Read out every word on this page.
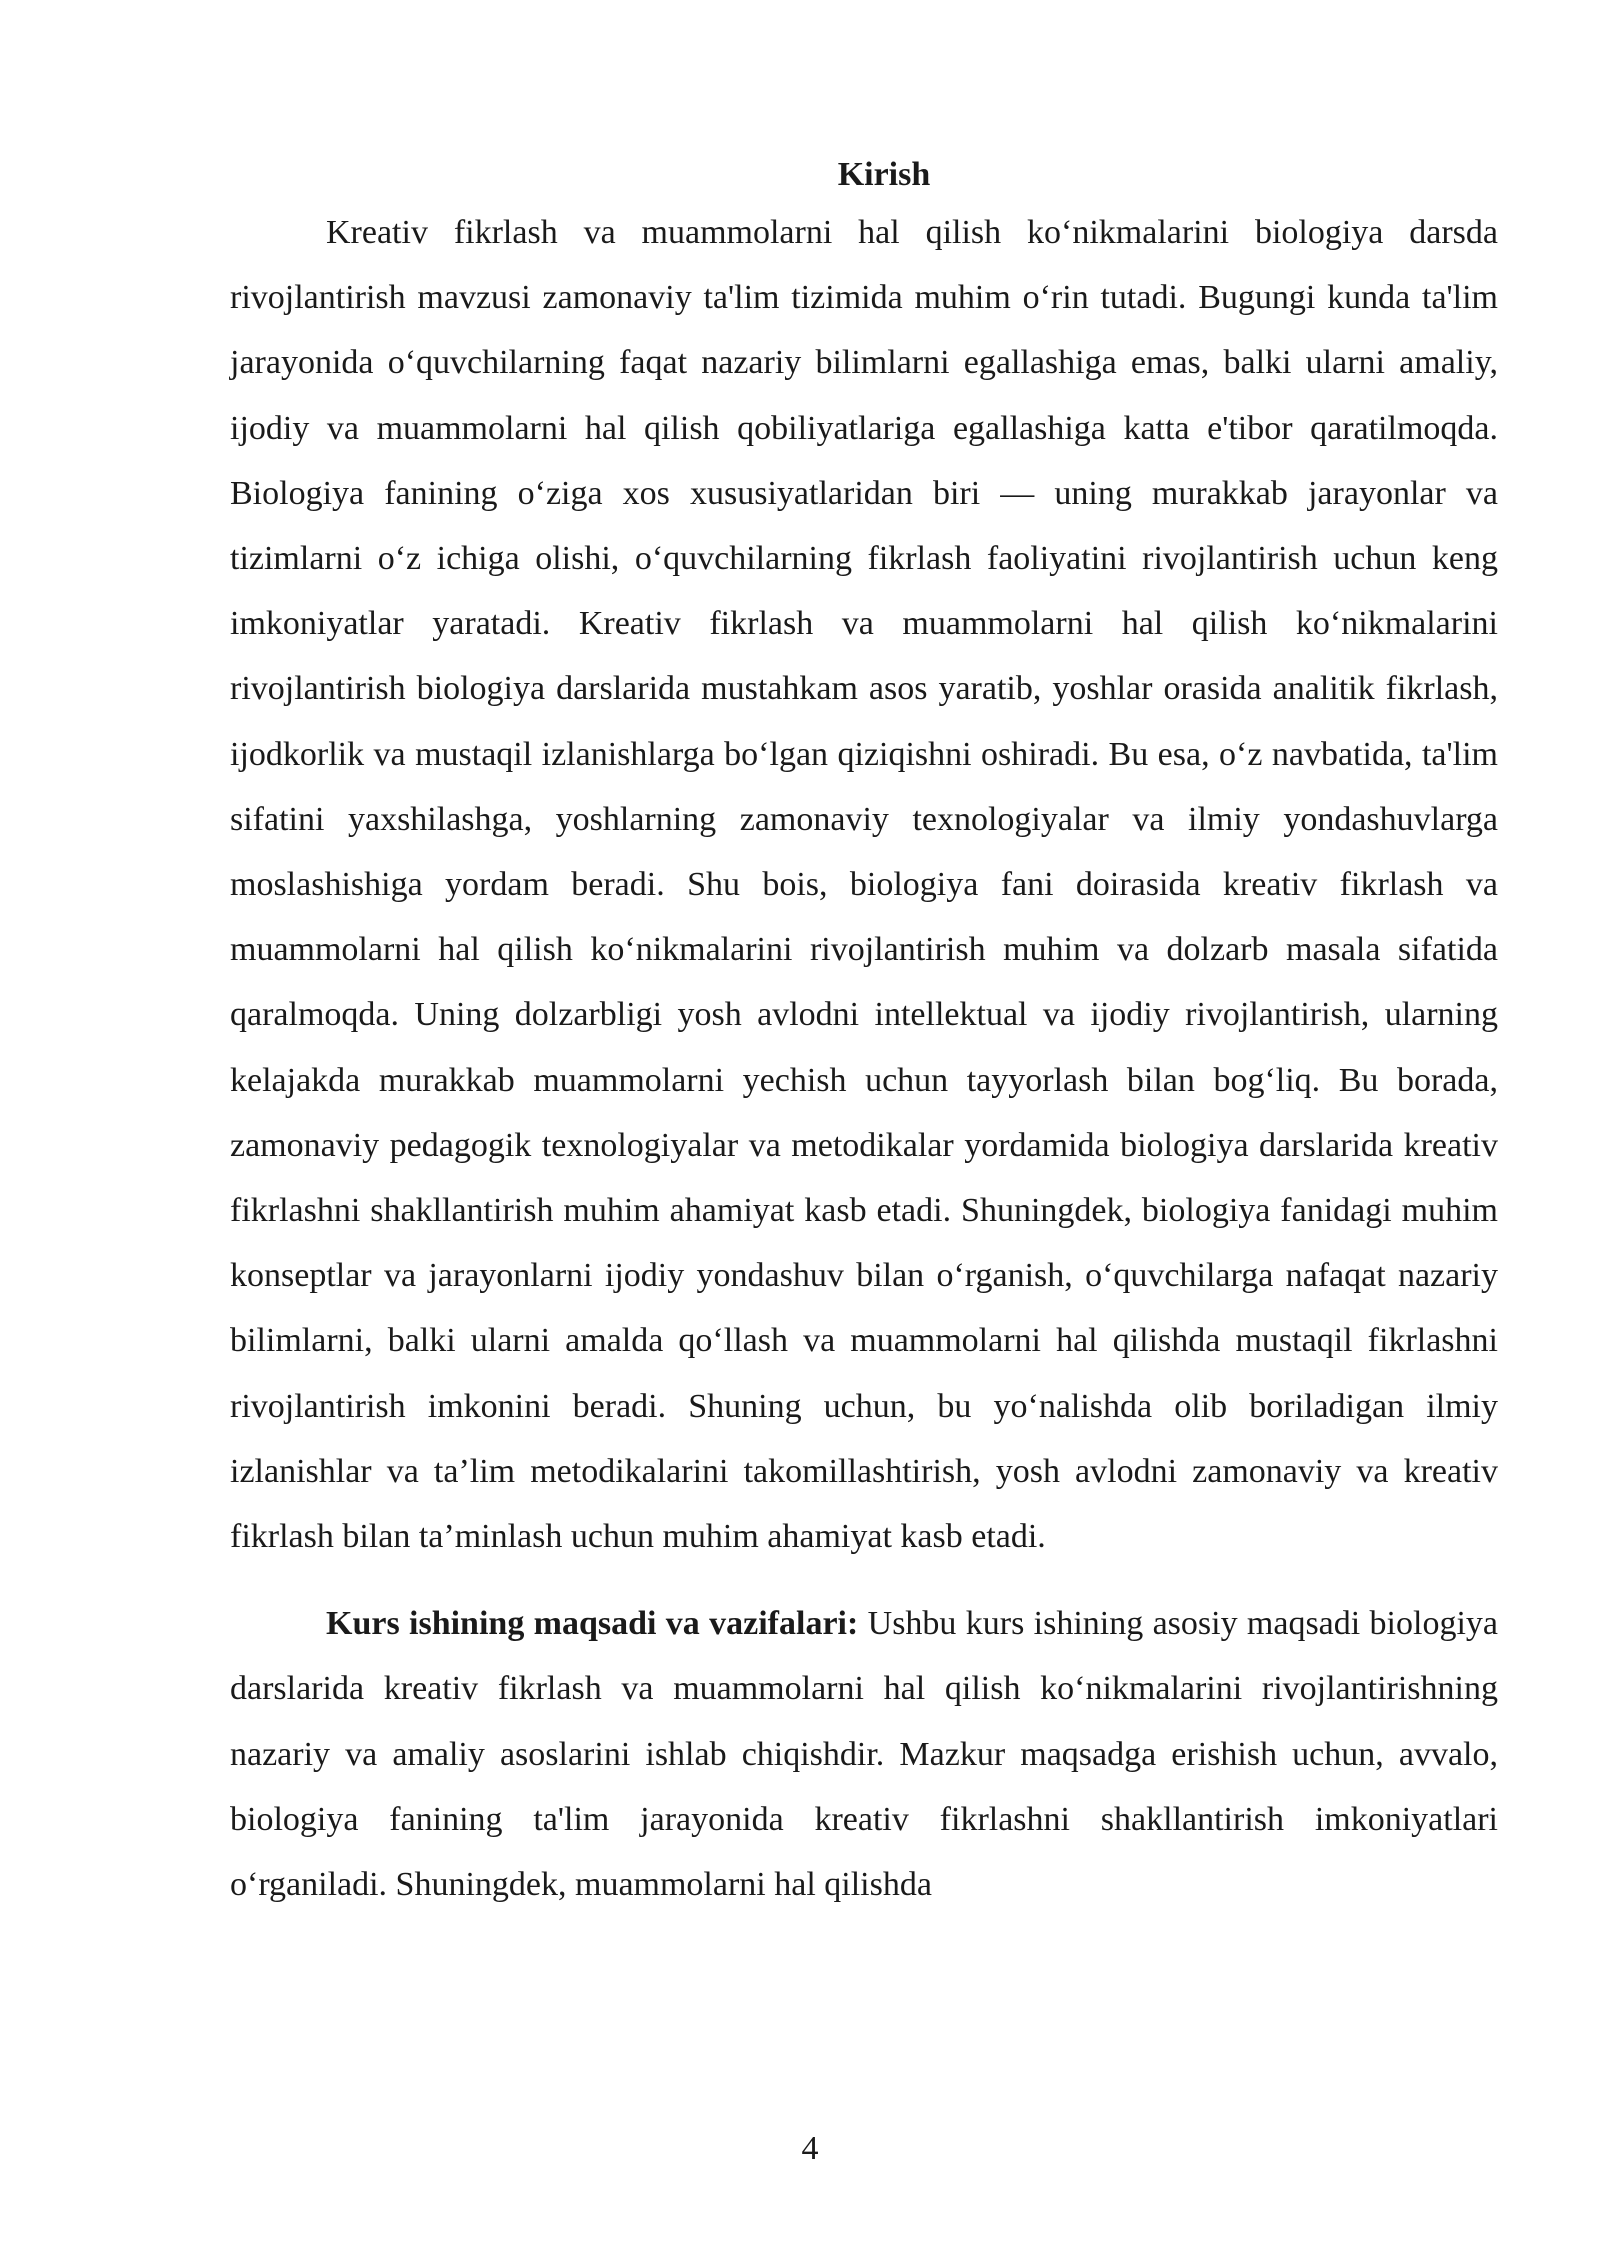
Kirish

Kreativ fikrlash va muammolarni hal qilish ko‘nikmalarini biologiya darsda rivojlantirish mavzusi zamonaviy ta'lim tizimida muhim o‘rin tutadi. Bugungi kunda ta'lim jarayonida o‘quvchilarning faqat nazariy bilimlarni egallashiga emas, balki ularni amaliy, ijodiy va muammolarni hal qilish qobiliyatlariga egallashiga katta e'tibor qaratilmoqda. Biologiya fanining o‘ziga xos xususiyatlaridan biri — uning murakkab jarayonlar va tizimlarni o‘z ichiga olishi, o‘quvchilarning fikrlash faoliyatini rivojlantirish uchun keng imkoniyatlar yaratadi. Kreativ fikrlash va muammolarni hal qilish ko‘nikmalarini rivojlantirish biologiya darslarida mustahkam asos yaratib, yoshlar orasida analitik fikrlash, ijodkorlik va mustaqil izlanishlarga bo‘lgan qiziqishni oshiradi. Bu esa, o‘z navbatida, ta'lim sifatini yaxshilashga, yoshlarning zamonaviy texnologiyalar va ilmiy yondashuvlarga moslashishiga yordam beradi. Shu bois, biologiya fani doirasida kreativ fikrlash va muammolarni hal qilish ko‘nikmalarini rivojlantirish muhim va dolzarb masala sifatida qaralmoqda. Uning dolzarbligi yosh avlodni intellektual va ijodiy rivojlantirish, ularning kelajakda murakkab muammolarni yechish uchun tayyorlash bilan bog‘liq. Bu borada, zamonaviy pedagogik texnologiyalar va metodikalar yordamida biologiya darslarida kreativ fikrlashni shakllantirish muhim ahamiyat kasb etadi. Shuningdek, biologiya fanidagi muhim konseptlar va jarayonlarni ijodiy yondashuv bilan o‘rganish, o‘quvchilarga nafaqat nazariy bilimlarni, balki ularni amalda qo‘llash va muammolarni hal qilishda mustaqil fikrlashni rivojlantirish imkonini beradi. Shuning uchun, bu yo‘nalishda olib boriladigan ilmiy izlanishlar va ta’lim metodikalarini takomillashtirish, yosh avlodni zamonaviy va kreativ fikrlash bilan ta’minlash uchun muhim ahamiyat kasb etadi.

Kurs ishining maqsadi va vazifalari: Ushbu kurs ishining asosiy maqsadi biologiya darslarida kreativ fikrlash va muammolarni hal qilish ko‘nikmalarini rivojlantirishning nazariy va amaliy asoslarini ishlab chiqishdir. Mazkur maqsadga erishish uchun, avvalo, biologiya fanining ta'lim jarayonida kreativ fikrlashni shakllantirish imkoniyatlari o‘rganiladi. Shuningdek, muammolarni hal qilishda

4
